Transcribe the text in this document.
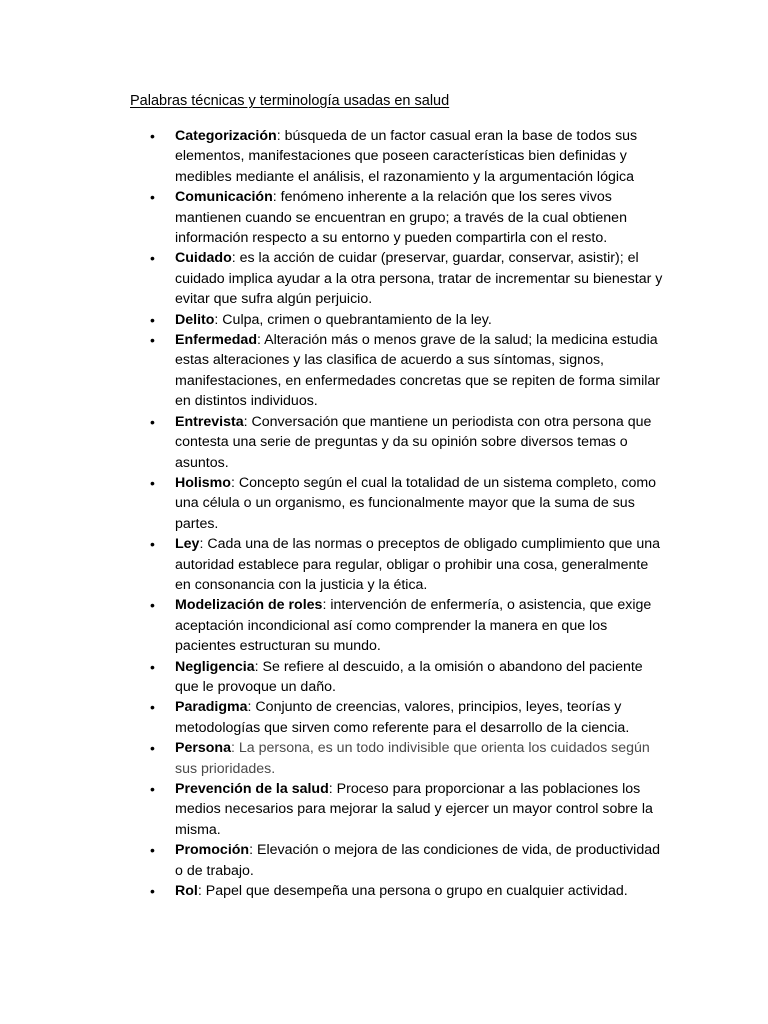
Palabras técnicas y terminología usadas en salud
• Categorización: búsqueda de un factor casual eran la base de todos sus elementos, manifestaciones que poseen características bien definidas y medibles mediante el análisis, el razonamiento y la argumentación lógica
• Comunicación: fenómeno inherente a la relación que los seres vivos mantienen cuando se encuentran en grupo; a través de la cual obtienen información respecto a su entorno y pueden compartirla con el resto.
• Cuidado: es la acción de cuidar (preservar, guardar, conservar, asistir); el cuidado implica ayudar a la otra persona, tratar de incrementar su bienestar y evitar que sufra algún perjuicio.
• Delito: Culpa, crimen o quebrantamiento de la ley.
• Enfermedad: Alteración más o menos grave de la salud; la medicina estudia estas alteraciones y las clasifica de acuerdo a sus síntomas, signos, manifestaciones, en enfermedades concretas que se repiten de forma similar en distintos individuos.
• Entrevista: Conversación que mantiene un periodista con otra persona que contesta una serie de preguntas y da su opinión sobre diversos temas o asuntos.
• Holismo: Concepto según el cual la totalidad de un sistema completo, como una célula o un organismo, es funcionalmente mayor que la suma de sus partes.
• Ley: Cada una de las normas o preceptos de obligado cumplimiento que una autoridad establece para regular, obligar o prohibir una cosa, generalmente en consonancia con la justicia y la ética.
• Modelización de roles: intervención de enfermería, o asistencia, que exige aceptación incondicional así como comprender la manera en que los pacientes estructuran su mundo.
• Negligencia: Se refiere al descuido, a la omisión o abandono del paciente que le provoque un daño.
• Paradigma: Conjunto de creencias, valores, principios, leyes, teorías y metodologías que sirven como referente para el desarrollo de la ciencia.
• Persona: La persona, es un todo indivisible que orienta los cuidados según sus prioridades.
• Prevención de la salud: Proceso para proporcionar a las poblaciones los medios necesarios para mejorar la salud y ejercer un mayor control sobre la misma.
• Promoción: Elevación o mejora de las condiciones de vida, de productividad o de trabajo.
• Rol: Papel que desempeña una persona o grupo en cualquier actividad.
